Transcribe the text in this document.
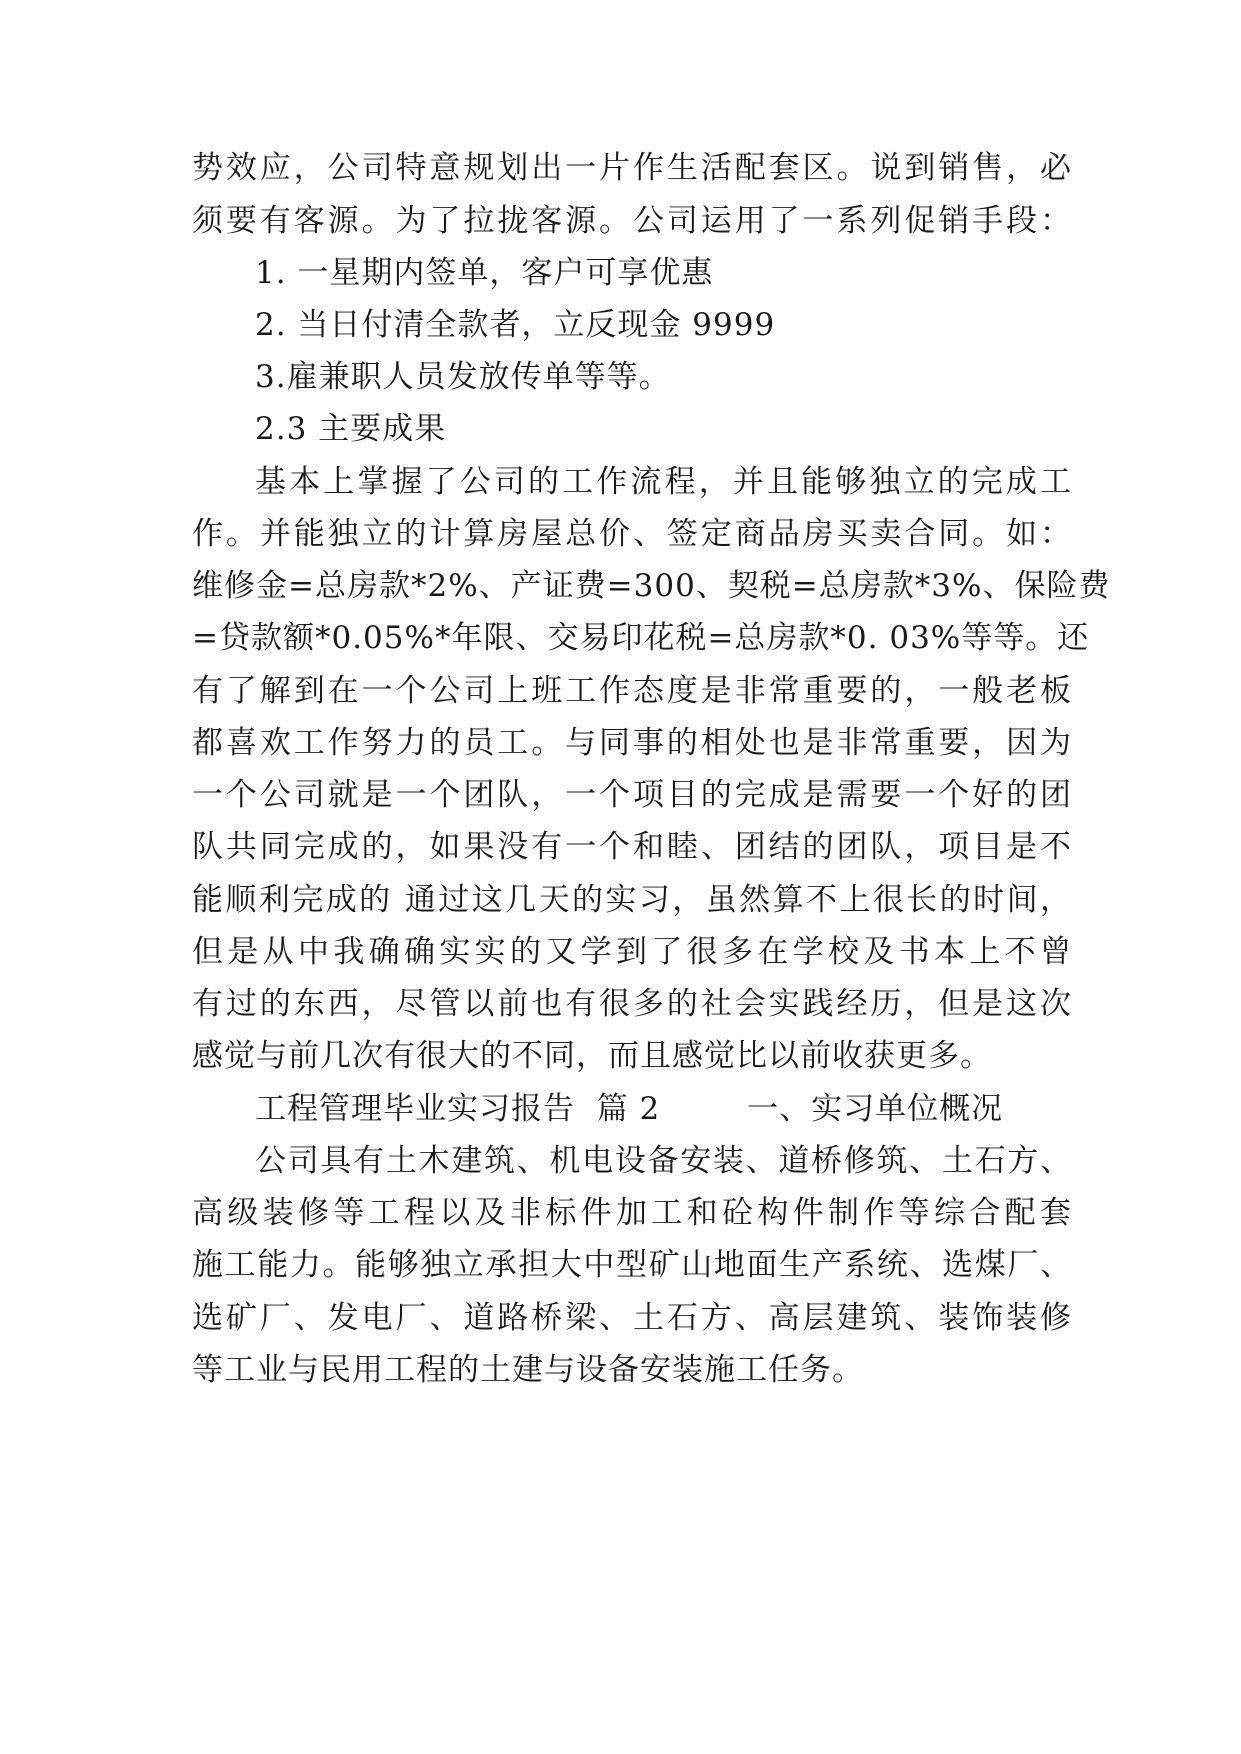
势效应，公司特意规划出一片作生活配套区。说到销售，必
须要有客源。为了拉拢客源。公司运用了一系列促销手段：
1. 一星期内签单，客户可享优惠
2. 当日付清全款者，立反现金 9999
3.雇兼职人员发放传单等等。
2.3 主要成果
基本上掌握了公司的工作流程，并且能够独立的完成工
作。并能独立的计算房屋总价、签定商品房买卖合同。如：
维修金=总房款*2%、产证费=300、契税=总房款*3%、保险费
=贷款额*0.05%*年限、交易印花税=总房款*0. 03%等等。还
有了解到在一个公司上班工作态度是非常重要的，一般老板
都喜欢工作努力的员工。与同事的相处也是非常重要，因为
一个公司就是一个团队，一个项目的完成是需要一个好的团
队共同完成的，如果没有一个和睦、团结的团队，项目是不
能顺利完成的 通过这几天的实习，虽然算不上很长的时间，
但是从中我确确实实的又学到了很多在学校及书本上不曾
有过的东西，尽管以前也有很多的社会实践经历，但是这次
感觉与前几次有很大的不同，而且感觉比以前收获更多。
工程管理毕业实习报告  篇 2        一、实习单位概况
公司具有土木建筑、机电设备安装、道桥修筑、土石方、
高级装修等工程以及非标件加工和砼构件制作等综合配套
施工能力。能够独立承担大中型矿山地面生产系统、选煤厂、
选矿厂、发电厂、道路桥梁、土石方、高层建筑、装饰装修
等工业与民用工程的土建与设备安装施工任务。
